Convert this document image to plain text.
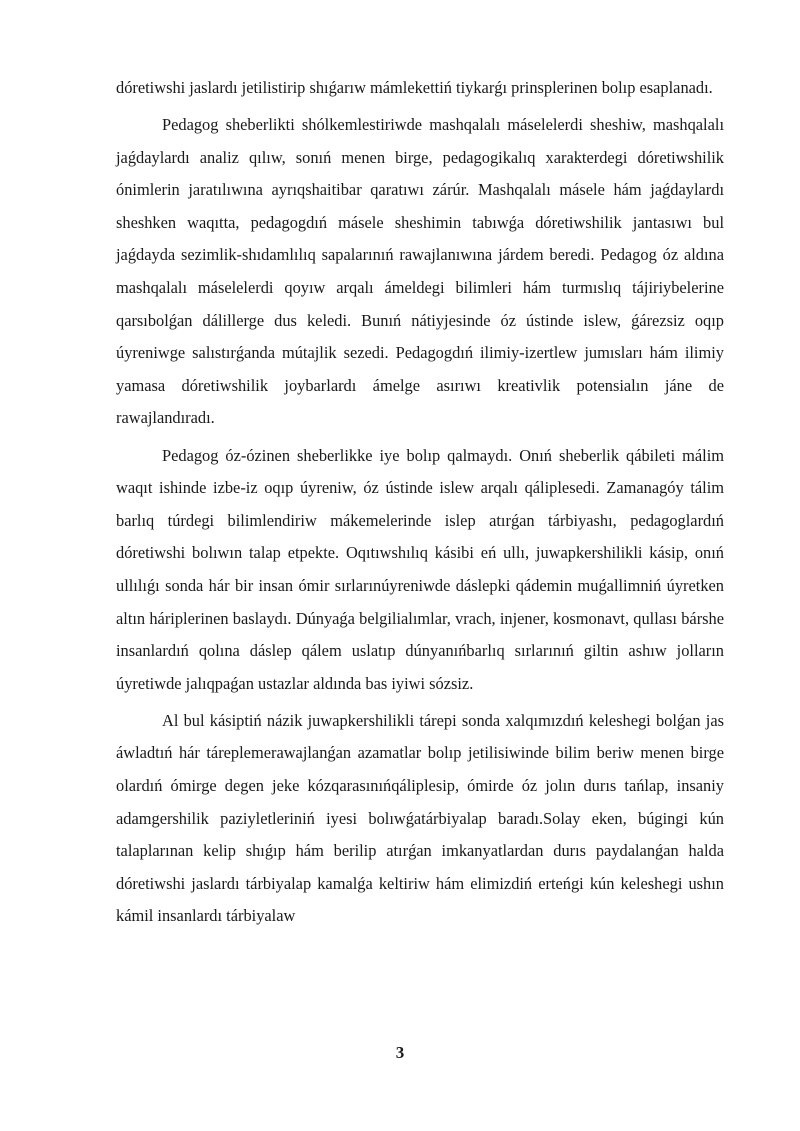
dóretiwshi jaslardı jetilistirip shıǵarıw mámlekettiń tiykarǵı prinsplerinen bolıp esaplanadı.

Pedagog sheberlikti shólkemlestiriwde mashqalalı máselelerdi sheshiw, mashqalalı jaǵdaylardı analiz qılıw, sonıń menen birge, pedagogikalıq xarakterdegi dóretiwshilik ónimlerin jaratılıwına ayrıqshaitibar qaratıwı zárúr. Mashqalalı másele hám jaǵdaylardı sheshken waqıtta, pedagogdıń másele sheshimin tabıwǵa dóretiwshilik jantasıwı bul jaǵdayda sezimlik-shıdamlılıq sapalarınıń rawajlanıwına járdem beredi. Pedagog óz aldına mashqalalı máselelerdi qoyıw arqalı ámeldegi bilimleri hám turmıslıq tájiriybelerine qarsıbolǵan dálillerge dus keledi. Bunıń nátiyjesinde óz ústinde islew, ǵárezsiz oqıp úyreniwge salıstırǵanda mútajlik sezedi. Pedagogdıń ilimiy-izertlew jumısları hám ilimiy yamasa dóretiwshilik joybarlardı ámelge asırıwı kreativlik potensialın jáne de rawajlandıradı.

Pedagog óz-ózinen sheberlikke iye bolıp qalmaydı. Onıń sheberlik qábileti málim waqıt ishinde izbe-iz oqıp úyreniw, óz ústinde islew arqalı qáliplesedi. Zamanagóy tálim barlıq túrdegi bilimlendiriw mákemelerinde islep atırǵan tárbiyashı, pedagoglardıń dóretiwshi bolıwın talap etpekte. Oqıtıwshılıq kásibi eń ullı, juwapkershilikli kásip, onıń ullılıǵı sonda hár bir insan ómir sırlarınúyreniwde dáslepki qádemin muǵallimniń úyretken altın háriplerinen baslaydı. Dúnyaǵa belgilialımlar, vrach, injener, kosmonavt, qullası bárshe insanlardıń qolına dáslep qálem uslatıp dúnyanıńbarlıq sırlarınıń giltin ashıw jolların úyretiwde jalıqpaǵan ustazlar aldında bas iyiwi sózsiz.

Al bul kásiptiń názik juwapkershilikli tárepi sonda xalqımızdıń keleshegi bolǵan jas áwladtıń hár táreplemerawajlanǵan azamatlar bolıp jetilisiwinde bilim beriw menen birge olardıń ómirge degen jeke kózqarasınıńqáliplesip, ómirde óz jolın durıs tańlap, insaniy adamgershilik paziyletleriniń iyesi bolıwǵatárbiyalap baradı.Solay eken, búgingi kún talaplarınan kelip shıǵıp hám berilip atırǵan imkanyatlardan durıs paydalanǵan halda dóretiwshi jaslardı tárbiyalap kamalǵa keltiriw hám elimizdiń erteńgi kún keleshegi ushın kámil insanlardı tárbiyalaw

3
